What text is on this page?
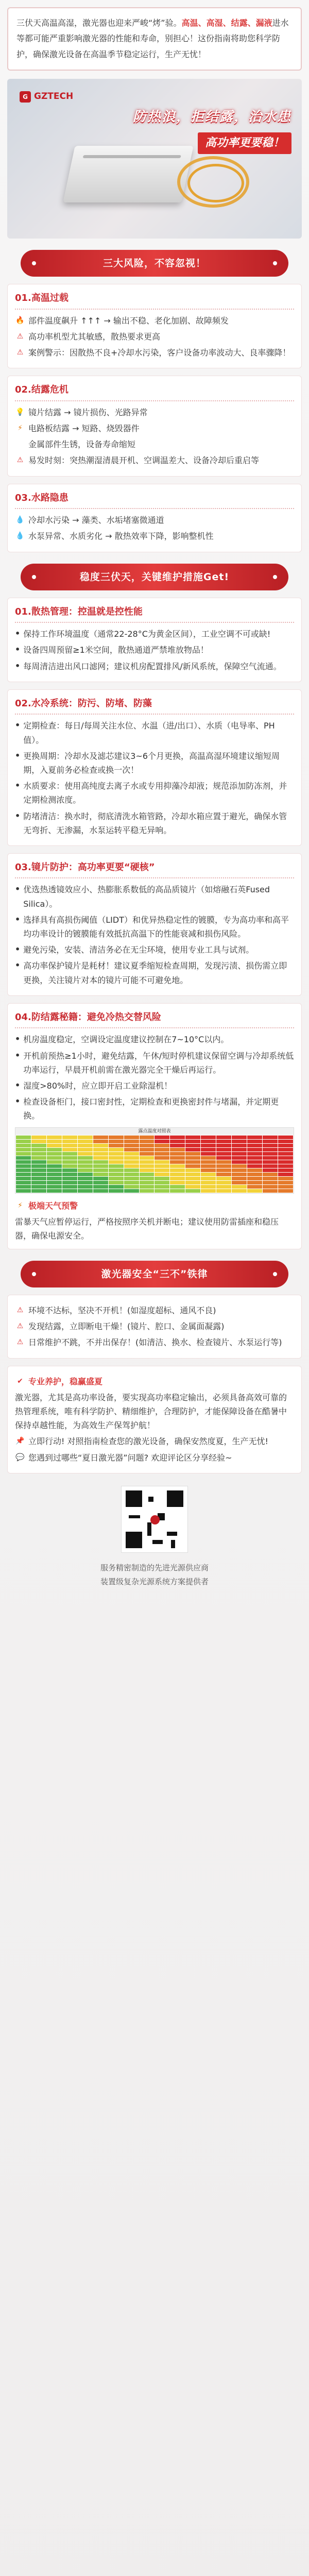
三伏天高温高湿，激光器也迎来严峻“烤”验。高温、高湿、结露、漏液进水等都可能严重影响激光器的性能和寿命，别担心！这份指南将助您科学防护，确保激光设备在高温季节稳定运行，生产无忧！
G GZTECH
防热浪，拒结露，治水患
高功率更要稳！
三大风险，不容忽视！
01.高温过载
🔥 部件温度飙升 ↑↑↑ → 输出不稳、老化加剧、故障频发
⚠ 高功率机型尤其敏感，散热要求更高
⚠ 案例警示：因散热不良+冷却水污染，客户设备功率波动大、良率骤降！
02.结露危机
💡 镜片结露 → 镜片损伤、光路异常
⚡ 电路板结露 → 短路、烧毁器件
金属部件生锈，设备寿命缩短
⚠ 易发时刻：突热潮湿清晨开机、空调温差大、设备冷却后重启等
03.水路隐患
💧 冷却水污染 → 藻类、水垢堵塞微通道
💧 水泵异常、水质劣化 → 散热效率下降，影响整机性
稳度三伏天，关键维护措施Get!
01.散热管理：控温就是控性能
• 保持工作环境温度（通常22-28°C为黄金区间），工业空调不可或缺!
• 设备四周预留≥1米空间，散热通道严禁堆放物品！
• 每周清洁进出风口滤网；建议机房配置排风/新风系统，保障空气流通。
02.水冷系统：防污、防堵、防藻
• 定期检查：每日/每周关注水位、水温（进/出口）、水质（电导率、PH值）。
• 更换周期：冷却水及滤芯建议3~6个月更换，高温高湿环境建议缩短周期，入夏前务必检查或换一次！
• 水质要求：使用高纯度去离子水或专用抑藻冷却液；规范添加防冻剂，并定期检测浓度。
• 防堵清洁：换水时，彻底清洗水箱管路，冷却水箱应置于避光，确保水管无弯折、无渗漏，水泵运转平稳无异响。
03.镜片防护：高功率更要“硬核”
• 优选热透镜效应小、热膨胀系数低的高品质镜片（如熔融石英Fused Silica）。
• 选择具有高损伤阈值（LIDT）和优异热稳定性的镀膜，专为高功率和高平均功率设计的镀膜能有效抵抗高温下的性能衰减和损伤风险。
• 避免污染，安装、清洁务必在无尘环境，使用专业工具与试剂。
• 高功率保护镜片是耗材！建议夏季缩短检查周期，发现污渍、损伤需立即更换，关注镜片对本的镜片可能不可避免地。
04.防结露秘籍：避免冷热交替风险
• 机房温度稳定，空调设定温度建议控制在7~10°C以内。
• 开机前预热≥1小时，避免结露，午休/短时停机建议保留空调与冷却系统低功率运行，早晨开机前需在激光器完全干燥后再运行。
• 湿度>80%时，应立即开启工业除湿机！
• 检查设备柜门，接口密封性，定期检查和更换密封件与堵漏，并定期更换。
露点温度对照表

⚡ 极端天气预警
雷暴天气应暂停运行，严格按照序关机并断电；建议使用防雷插座和稳压器，确保电源安全。
激光器安全“三不”铁律
⚠ 环境不达标，坚决不开机！(如湿度超标、通风不良)
⚠ 发现结露，立即断电干燥！(镜片、腔口、金属面凝露)
⚠ 日常维护不跳，不并出保存！(如清洁、换水、检查镜片、水泵运行等)
✔ 专业养护，稳赢盛夏
激光器，尤其是高功率设备，要实现高功率稳定输出，必须具备高效可靠的热管理系统，唯有科学防护、精细维护，合理防护，才能保障设备在酷暑中保持卓越性能，为高效生产保驾护航！
📌 立即行动! 对照指南检查您的激光设备，确保安然度夏，生产无忧!
💬 您遇到过哪些“夏日激光器”问题? 欢迎评论区分享经验~
服务精密制造的先进光源供应商
装置级复杂光源系统方案提供者
